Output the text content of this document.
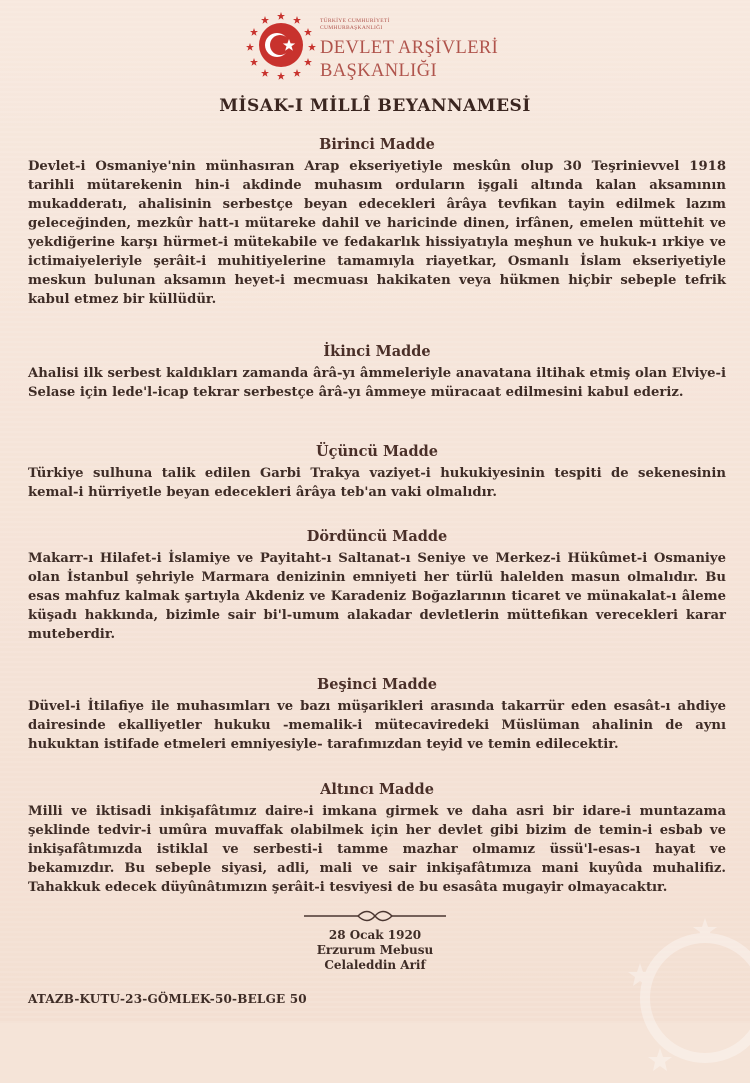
TÜRKİYE CUMHURİYETİ
CUMHURBAŞKANLIĞI
DEVLET ARŞİVLERİ
BAŞKANLIĞI
MİSAK-I MİLLÎ BEYANNAMESİ
Birinci Madde

Devlet-i Osmaniye'nin münhasıran Arap ekseriyetiyle meskûn olup 30 Teşrinievvel 1918 tarihli mütarekenin hin-i akdinde muhasım orduların işgali altında kalan aksamının mukadderatı, ahalisinin serbestçe beyan edecekleri ârâya tevfikan tayin edilmek lazım geleceğinden, mezkûr hatt-ı mütareke dahil ve haricinde dinen, irfânen, emelen müttehit ve yekdiğerine karşı hürmet-i mütekabile ve fedakarlık hissiyatıyla meşhun ve hukuk-ı ırkiye ve ictimaiyeleriyle şerâit-i muhitiyelerine tamamıyla riayetkar, Osmanlı İslam ekseriyetiyle meskun bulunan aksamın heyet-i mecmuası hakikaten veya hükmen hiçbir sebeple tefrik kabul etmez bir küllüdür.

İkinci Madde

Ahalisi ilk serbest kaldıkları zamanda ârâ-yı âmmeleriyle anavatana iltihak etmiş olan Elviye-i Selase için lede'l-icap tekrar serbestçe ârâ-yı âmmeye müracaat edilmesini kabul ederiz.

Üçüncü Madde

Türkiye sulhuna talik edilen Garbi Trakya vaziyet-i hukukiyesinin tespiti de sekenesinin kemal-i hürriyetle beyan edecekleri ârâya teb'an vaki olmalıdır.

Dördüncü Madde

Makarr-ı Hilafet-i İslamiye ve Payitaht-ı Saltanat-ı Seniye ve Merkez-i Hükûmet-i Osmaniye olan İstanbul şehriyle Marmara denizinin emniyeti her türlü halelden masun olmalıdır. Bu esas mahfuz kalmak şartıyla Akdeniz ve Karadeniz Boğazlarının ticaret ve münakalat-ı âleme küşadı hakkında, bizimle sair bi'l-umum alakadar devletlerin müttefikan verecekleri karar muteberdir.

Beşinci Madde

Düvel-i İtilafiye ile muhasımları ve bazı müşarikleri arasında takarrür eden esasât-ı ahdiye dairesinde ekalliyetler hukuku -memalik-i mütecaviredeki Müslüman ahalinin de aynı hukuktan istifade etmeleri emniyesiyle- tarafımızdan teyid ve temin edilecektir.

Altıncı Madde

Milli ve iktisadi inkişafâtımız daire-i imkana girmek ve daha asri bir idare-i muntazama şeklinde tedvir-i umûra muvaffak olabilmek için her devlet gibi bizim de temin-i esbab ve inkişafâtımızda istiklal ve serbesti-i tamme mazhar olmamız üssü'l-esas-ı hayat ve bekamızdır. Bu sebeple siyasi, adli, mali ve sair inkişafâtımıza mani kuyûda muhalifiz. Tahakkuk edecek düyûnâtımızın şerâit-i tesviyesi de bu esasâta mugayir olmayacaktır.

28 Ocak 1920
Erzurum Mebusu
Celaleddin Arif
ATAZB-KUTU-23-GÖMLEK-50-BELGE 50
